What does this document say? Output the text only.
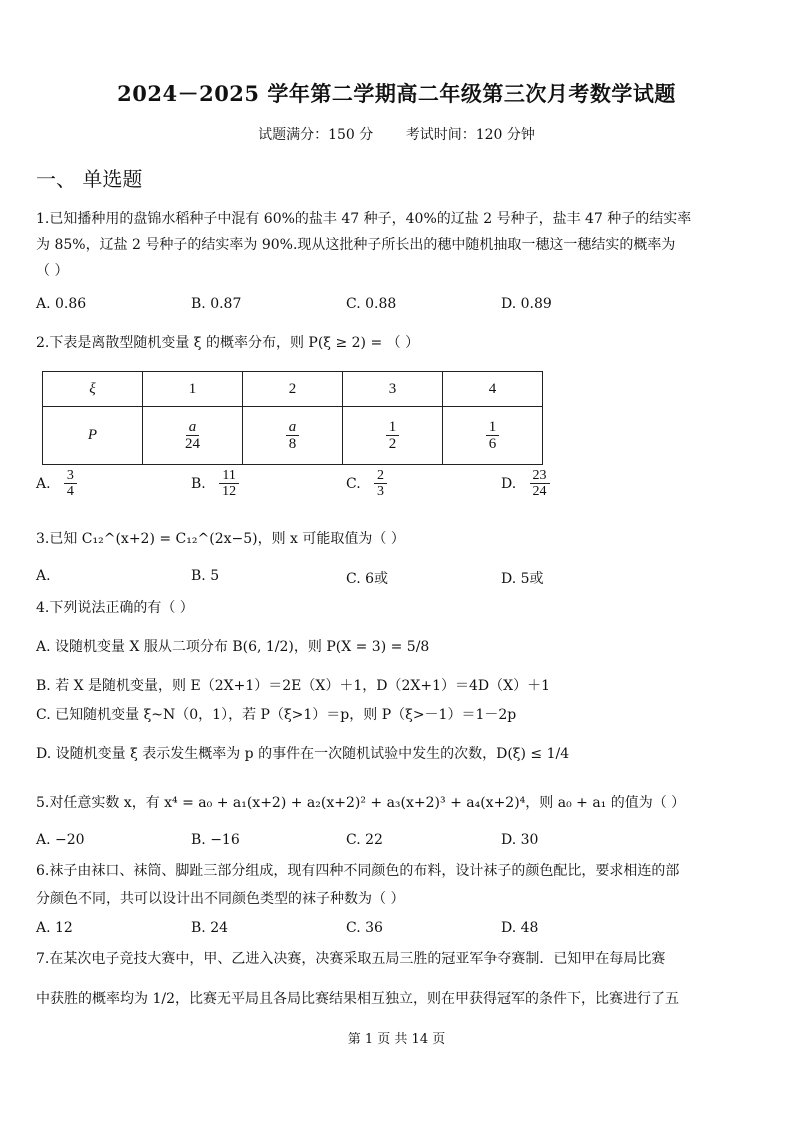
2024－2025 学年第二学期高二年级第三次月考数学试题
试题满分：150 分 考试时间：120 分钟
一、 单选题
1.已知播种用的盘锦水稻种子中混有 60%的盐丰 47 种子，40%的辽盐 2 号种子，盐丰 47 种子的结实率
为 85%，辽盐 2 号种子的结实率为 90%.现从这批种子所长出的穗中随机抽取一穗这一穗结实的概率为
（ ）
A. 0.86	B. 0.87	C. 0.88	D. 0.89
2.下表是离散型随机变量 ξ 的概率分布，则 P(ξ ≥ 2) = （ ）
ξ	1	2	3	4
P	$\frac{a}{24}$	$\frac{a}{8}$	$\frac{1}{2}$	$\frac{1}{6}$
A. $\frac{3}{4}$	B. $\frac{11}{12}$	C. $\frac{2}{3}$	D. $\frac{23}{24}$
3.已知 C₁₂^(x+2) = C₁₂^(2x−5)，则 x 可能取值为（ ）
A.	B. 5	C. 6或	D. 5或
4.下列说法正确的有（ ）
A. 设随机变量 X 服从二项分布 B(6, 1/2)，则 P(X = 3) = 5/8
B. 若 X 是随机变量，则 E（2X+1）＝2E（X）＋1，D（2X+1）＝4D（X）＋1
C. 已知随机变量 ξ~N（0，1），若 P（ξ>1）＝p，则 P（ξ>－1）＝1－2p
D. 设随机变量 ξ 表示发生概率为 p 的事件在一次随机试验中发生的次数，D(ξ) ≤ 1/4
5.对任意实数 x，有 x⁴ = a₀ + a₁(x+2) + a₂(x+2)² + a₃(x+2)³ + a₄(x+2)⁴，则 a₀ + a₁ 的值为（ ）
A. −20	B. −16	C. 22	D. 30
6.袜子由袜口、袜筒、脚趾三部分组成，现有四种不同颜色的布料，设计袜子的颜色配比，要求相连的部
分颜色不同，共可以设计出不同颜色类型的袜子种数为（ ）
A. 12	B. 24	C. 36	D. 48
7.在某次电子竞技大赛中，甲、乙进入决赛，决赛采取五局三胜的冠亚军争夺赛制．已知甲在每局比赛
中获胜的概率均为 1/2，比赛无平局且各局比赛结果相互独立，则在甲获得冠军的条件下，比赛进行了五
第 1 页 共 14 页
